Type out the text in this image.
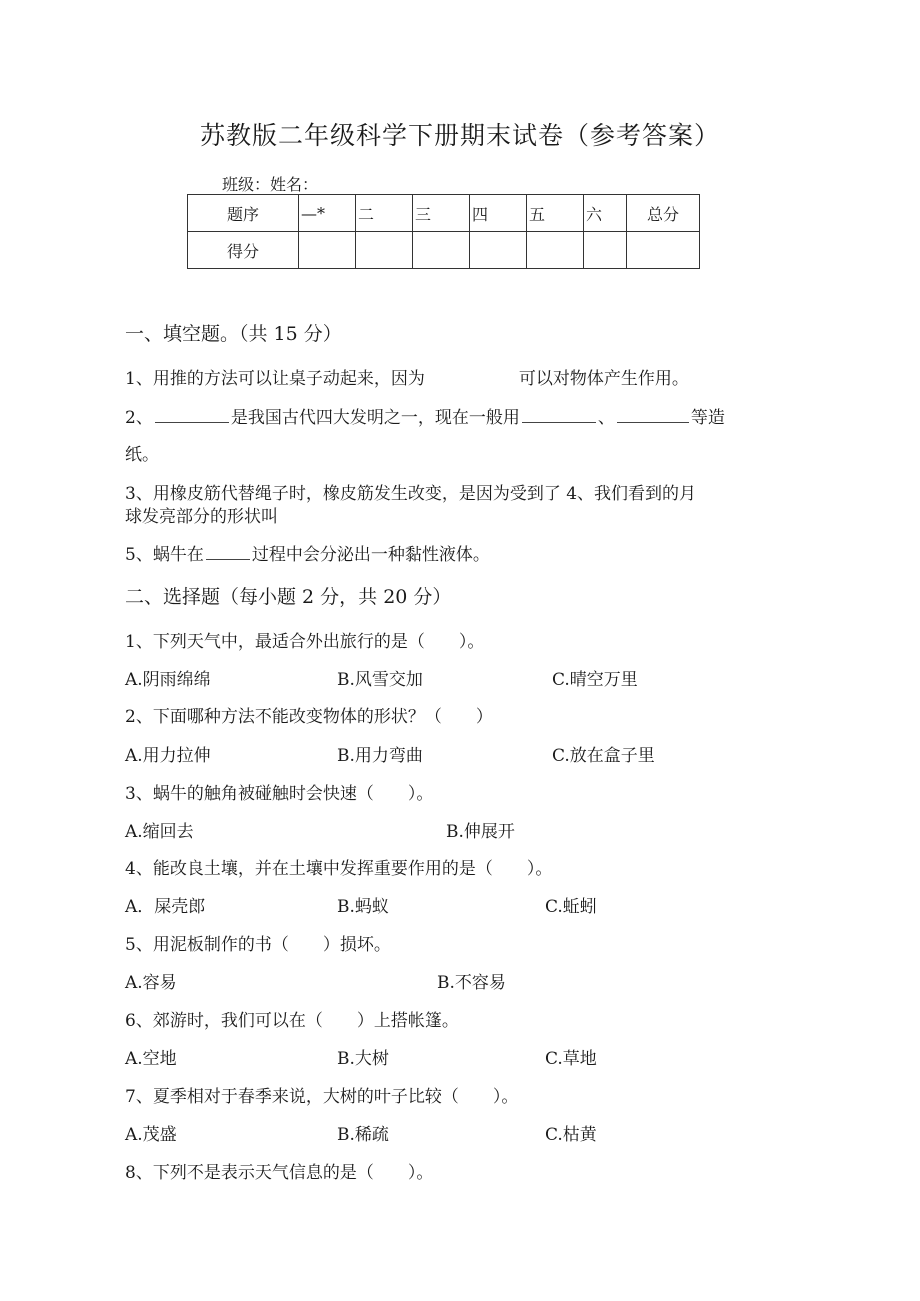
苏教版二年级科学下册期末试卷（参考答案）
班级：姓名：
题序	—*	二	三	四	五	六	总分
得分							
一、填空题。（共 15 分）
1、用推的方法可以让桌子动起来，因为	可以对物体产生作用。
2、	是我国古代四大发明之一，现在一般用	、	等造
纸。
3、用橡皮筋代替绳子时，橡皮筋发生改变，是因为受到了 4、我们看到的月
球发亮部分的形状叫
5、蜗牛在	过程中会分泌出一种黏性液体。
二、选择题（每小题 2 分，共 20 分）
1、下列天气中，最适合外出旅行的是（　　）。
A.阴雨绵绵	B.风雪交加	C.晴空万里
2、下面哪种方法不能改变物体的形状？（　　）
A.用力拉伸	B.用力弯曲	C.放在盒子里
3、蜗牛的触角被碰触时会快速（　　）。
A.缩回去	B.伸展开
4、能改良土壤，并在土壤中发挥重要作用的是（　　）。
A．屎壳郎	B.蚂蚁	C.蚯蚓
5、用泥板制作的书（　　）损坏。
A.容易	B.不容易
6、郊游时，我们可以在（　　）上搭帐篷。
A.空地	B.大树	C.草地
7、夏季相对于春季来说，大树的叶子比较（　　）。
A.茂盛	B.稀疏	C.枯黄
8、下列不是表示天气信息的是（　　）。
